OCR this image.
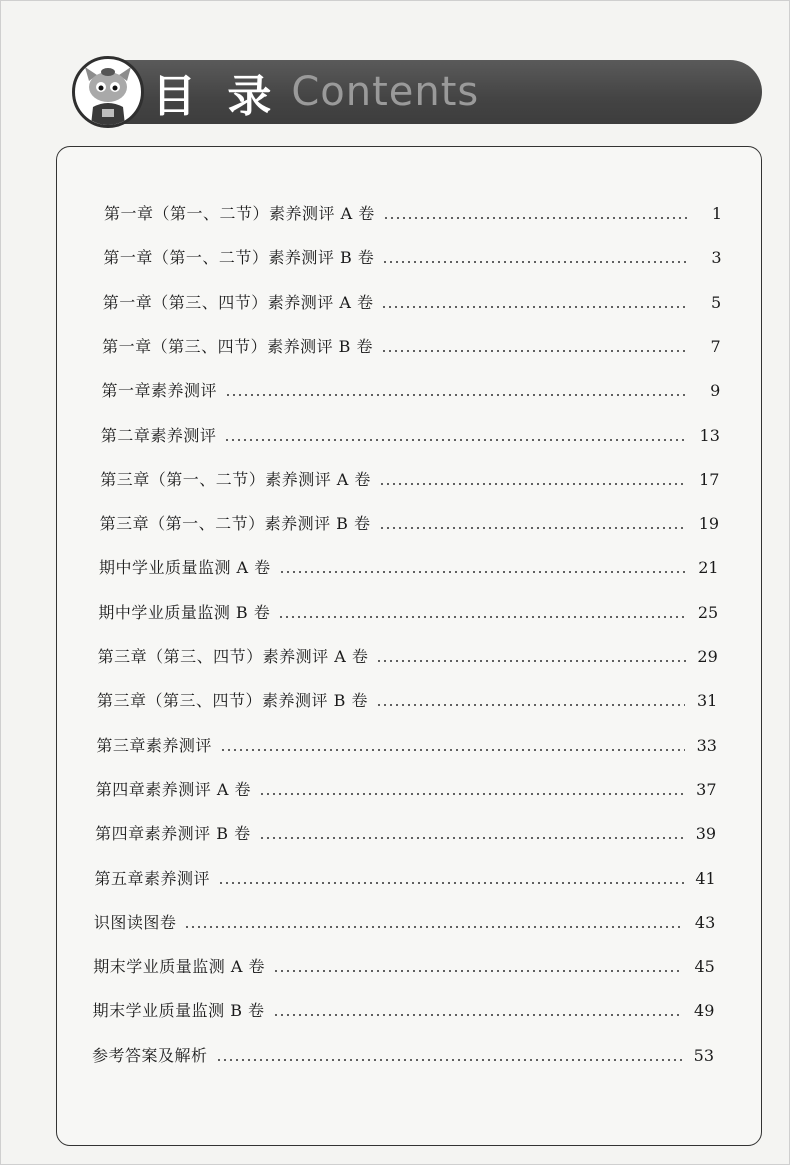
目 录 Contents
第一章（第一、二节）素养测评 A 卷	1
第一章（第一、二节）素养测评 B 卷	3
第一章（第三、四节）素养测评 A 卷	5
第一章（第三、四节）素养测评 B 卷	7
第一章素养测评	9
第二章素养测评	13
第三章（第一、二节）素养测评 A 卷	17
第三章（第一、二节）素养测评 B 卷	19
期中学业质量监测 A 卷	21
期中学业质量监测 B 卷	25
第三章（第三、四节）素养测评 A 卷	29
第三章（第三、四节）素养测评 B 卷	31
第三章素养测评	33
第四章素养测评 A 卷	37
第四章素养测评 B 卷	39
第五章素养测评	41
识图读图卷	43
期末学业质量监测 A 卷	45
期末学业质量监测 B 卷	49
参考答案及解析	53
